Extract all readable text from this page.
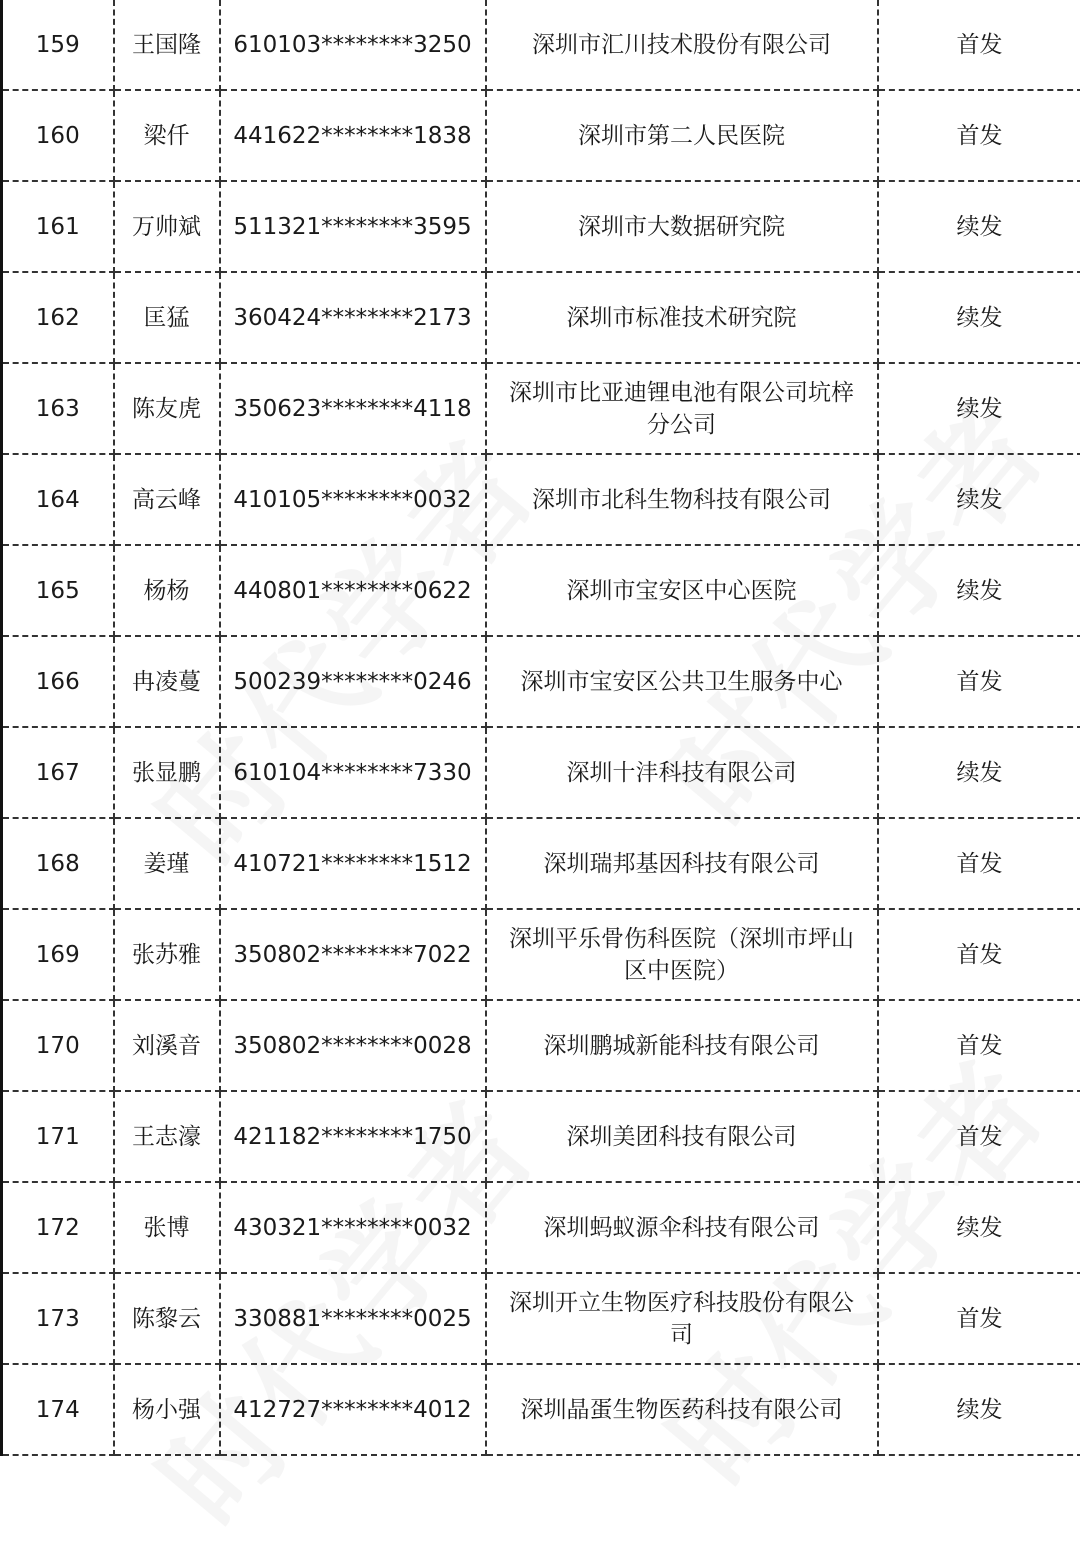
159	王国隆	610103********3250	深圳市汇川技术股份有限公司	首发
160	梁仟	441622********1838	深圳市第二人民医院	首发
161	万帅斌	511321********3595	深圳市大数据研究院	续发
162	匡猛	360424********2173	深圳市标准技术研究院	续发
163	陈友虎	350623********4118	深圳市比亚迪锂电池有限公司坑梓分公司	续发
164	高云峰	410105********0032	深圳市北科生物科技有限公司	续发
165	杨杨	440801********0622	深圳市宝安区中心医院	续发
166	冉凌蔓	500239********0246	深圳市宝安区公共卫生服务中心	首发
167	张显鹏	610104********7330	深圳十沣科技有限公司	续发
168	姜瑾	410721********1512	深圳瑞邦基因科技有限公司	首发
169	张苏雅	350802********7022	深圳平乐骨伤科医院（深圳市坪山区中医院）	首发
170	刘溪音	350802********0028	深圳鹏城新能科技有限公司	首发
171	王志濠	421182********1750	深圳美团科技有限公司	首发
172	张博	430321********0032	深圳蚂蚁源伞科技有限公司	续发
173	陈黎云	330881********0025	深圳开立生物医疗科技股份有限公司	首发
174	杨小强	412727********4012	深圳晶蛋生物医药科技有限公司	续发
